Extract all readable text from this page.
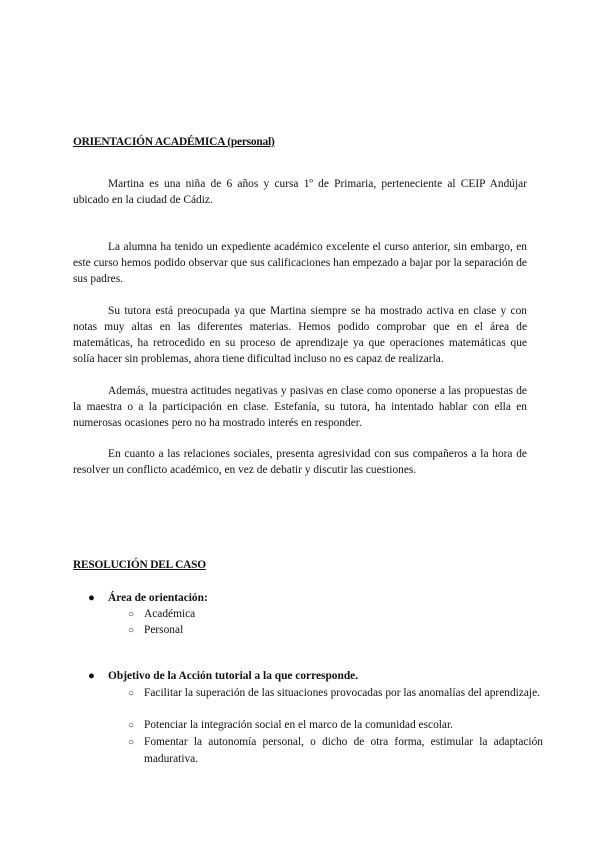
ORIENTACIÓN ACADÉMICA (personal)

Martina es una niña de 6 años y cursa 1º de Primaria, perteneciente al CEIP Andújar ubicado en la ciudad de Cádiz.

La alumna ha tenido un expediente académico excelente el curso anterior, sin embargo, en este curso hemos podido observar que sus calificaciones han empezado a bajar por la separación de sus padres.

Su tutora está preocupada ya que Martina siempre se ha mostrado activa en clase y con notas muy altas en las diferentes materias. Hemos podido comprobar que en el área de matemáticas, ha retrocedido en su proceso de aprendizaje ya que operaciones matemáticas que solía hacer sin problemas, ahora tiene dificultad incluso no es capaz de realizarla.

Además, muestra actitudes negativas y pasivas en clase como oponerse a las propuestas de la maestra o a la participación en clase. Estefanía, su tutora, ha intentado hablar con ella en numerosas ocasiones pero no ha mostrado interés en responder.

En cuanto a las relaciones sociales, presenta agresividad con sus compañeros a la hora de resolver un conflicto académico, en vez de debatir y discutir las cuestiones.

RESOLUCIÓN DEL CASO

● Área de orientación:

○ Académica

○ Personal

● Objetivo de la Acción tutorial a la que corresponde.

○ Facilitar la superación de las situaciones provocadas por las anomalías del aprendizaje.

○ Potenciar la integración social en el marco de la comunidad escolar.

○ Fomentar la autonomía personal, o dicho de otra forma, estimular la adaptación madurativa.
